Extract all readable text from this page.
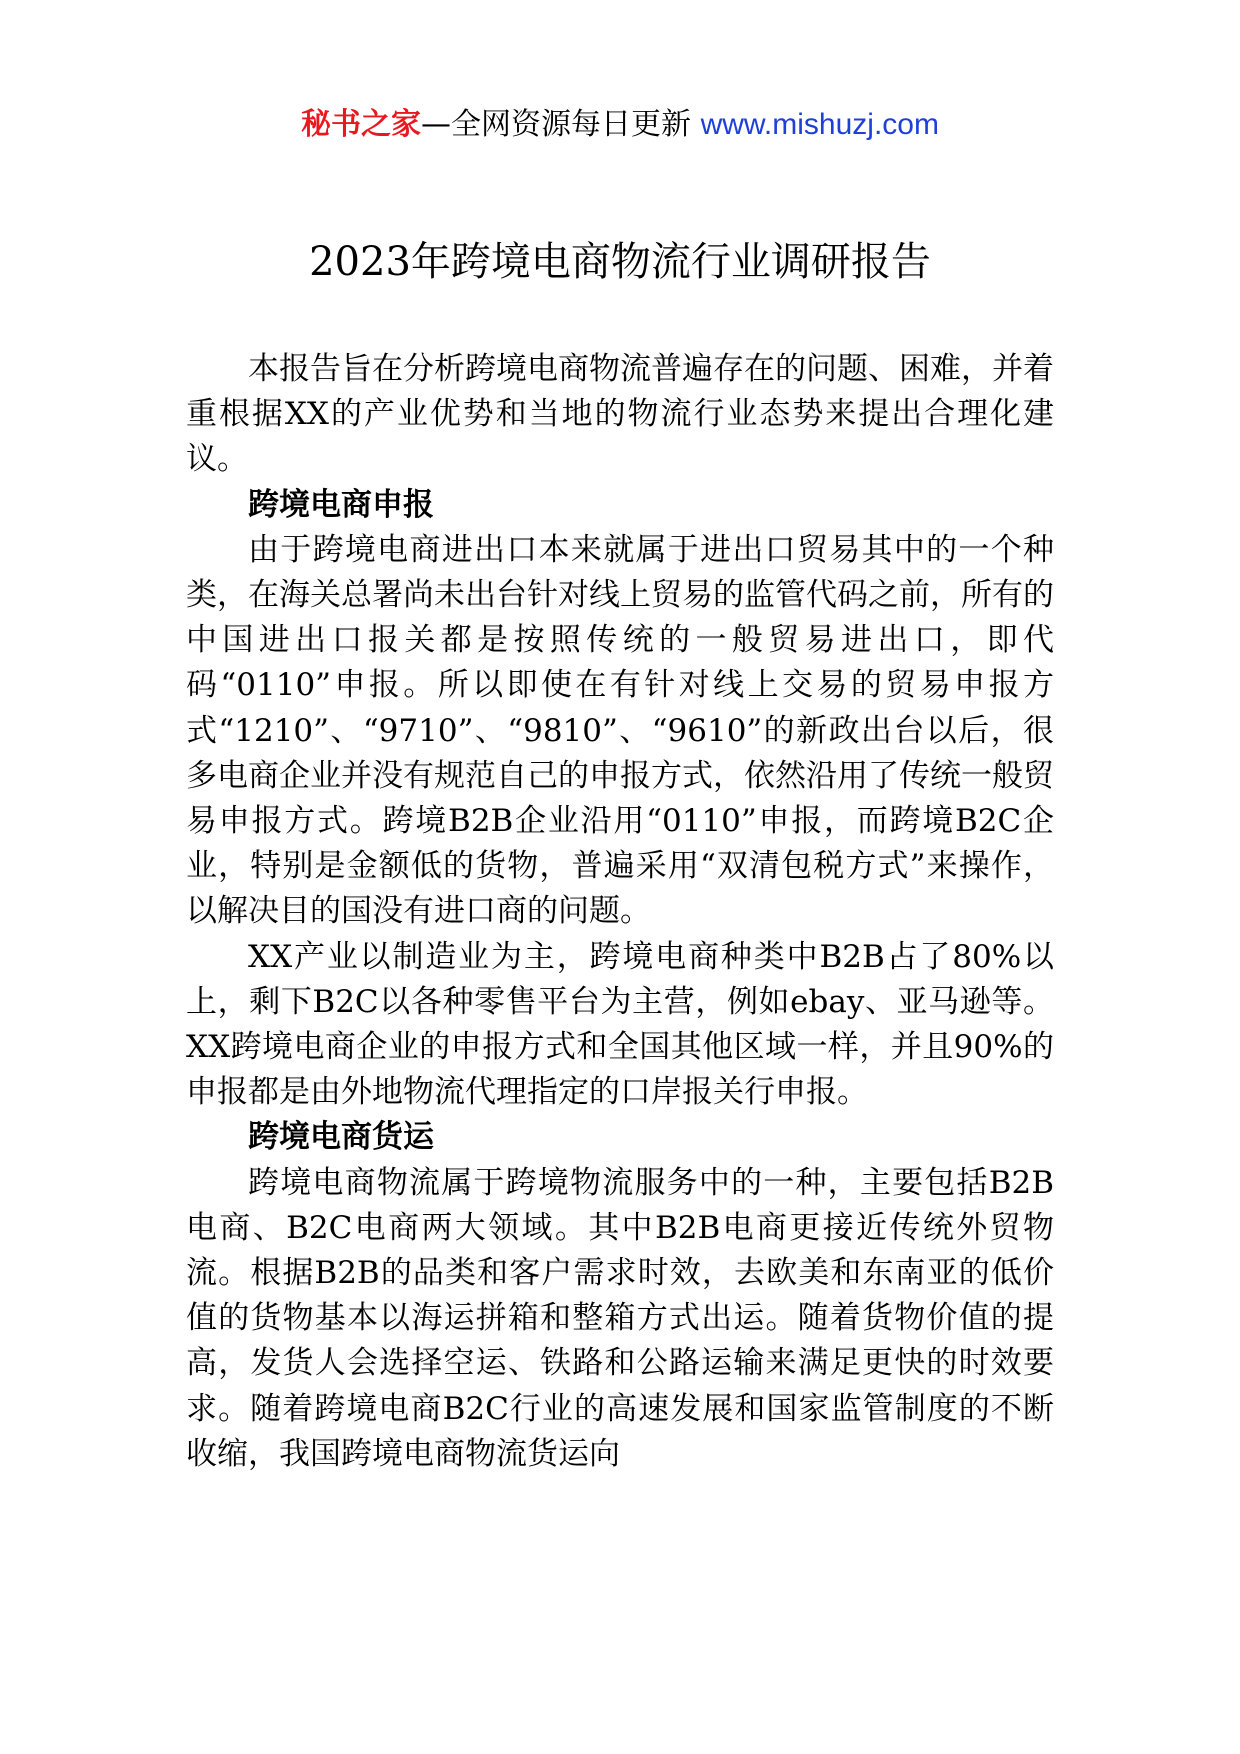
秘书之家—全网资源每日更新 www.mishuzj.com
2023年跨境电商物流行业调研报告

本报告旨在分析跨境电商物流普遍存在的问题、困难，并着重根据XX的产业优势和当地的物流行业态势来提出合理化建议。

跨境电商申报

由于跨境电商进出口本来就属于进出口贸易其中的一个种类，在海关总署尚未出台针对线上贸易的监管代码之前，所有的中国进出口报关都是按照传统的一般贸易进出口，即代码“0110”申报。所以即使在有针对线上交易的贸易申报方式“1210”、“9710”、“9810”、“9610”的新政出台以后，很多电商企业并没有规范自己的申报方式，依然沿用了传统一般贸易申报方式。跨境B2B企业沿用“0110”申报，而跨境B2C企业，特别是金额低的货物，普遍采用“双清包税方式”来操作，以解决目的国没有进口商的问题。

XX产业以制造业为主，跨境电商种类中B2B占了80%以上，剩下B2C以各种零售平台为主营，例如ebay、亚马逊等。XX跨境电商企业的申报方式和全国其他区域一样，并且90%的申报都是由外地物流代理指定的口岸报关行申报。

跨境电商货运

跨境电商物流属于跨境物流服务中的一种，主要包括B2B电商、B2C电商两大领域。其中B2B电商更接近传统外贸物流。根据B2B的品类和客户需求时效，去欧美和东南亚的低价值的货物基本以海运拼箱和整箱方式出运。随着货物价值的提高，发货人会选择空运、铁路和公路运输来满足更快的时效要求。随着跨境电商B2C行业的高速发展和国家监管制度的不断收缩，我国跨境电商物流货运向
